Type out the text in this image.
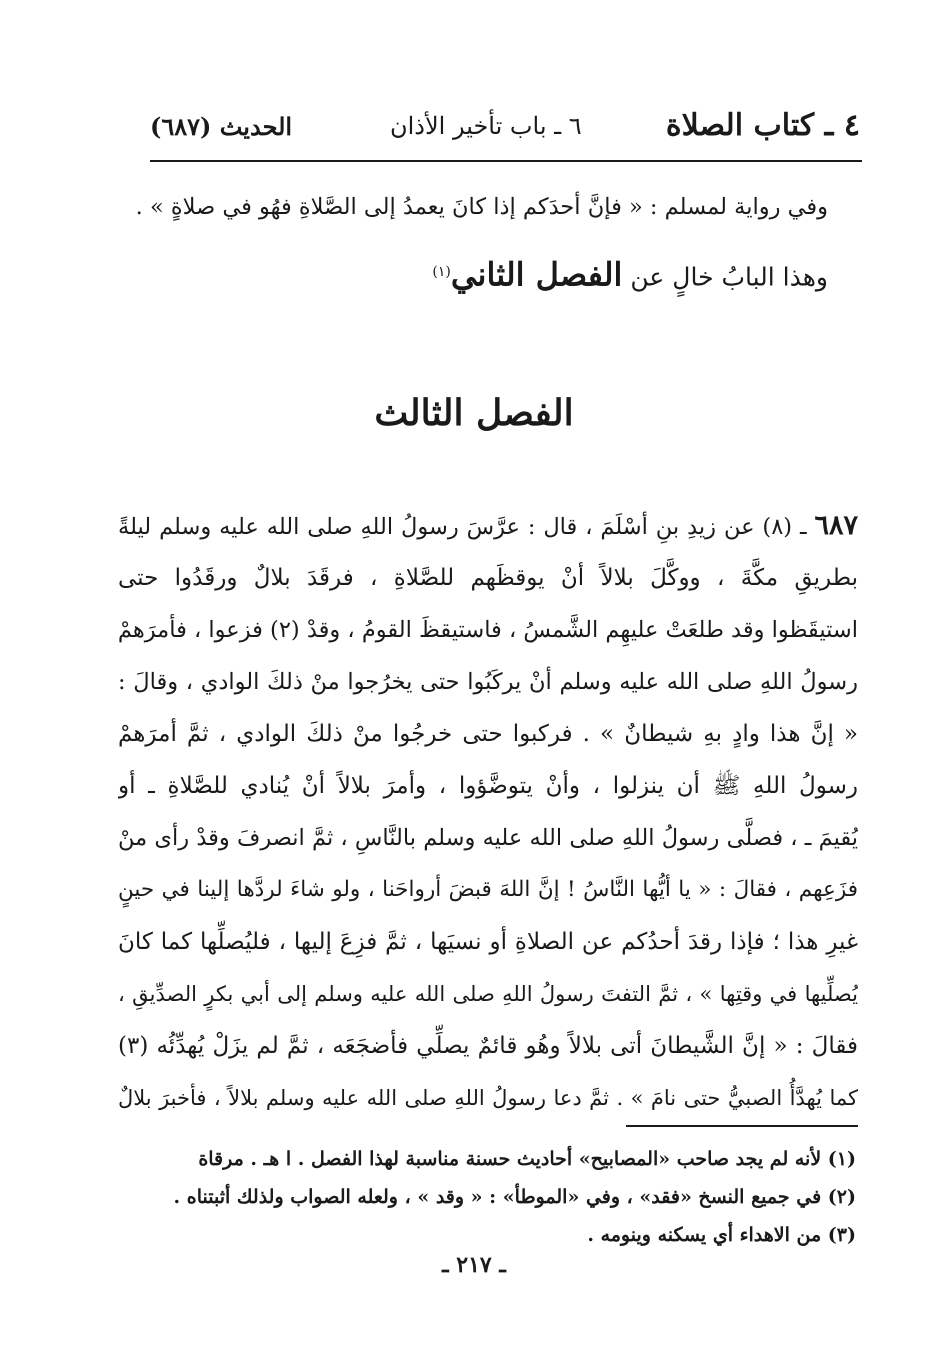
٤ ـ كتاب الصلاة
٦ ـ باب تأخير الأذان
الحديث (٦٨٧)
وفي رواية لمسلم : « فإنَّ أحدَكم إذا كانَ يعمدُ إلى الصَّلاةِ فهُو في صلاةٍ » .
وهذا البابُ خالٍ عن الفصل الثاني$^{(١)}$
الفصل الثالث
٦٨٧ ـ (٨) عن زيدِ بنِ أسْلَمَ ، قال : عرَّسَ رسولُ اللهِ صلى الله عليه وسلم ليلةً
بطريقِ مكَّةَ ، ووكَّلَ بلالاً أنْ يوقظَهم للصَّلاةِ ، فرقَدَ بلالٌ ورقَدُوا حتى
استيقَظوا وقد طلعَتْ عليهِم الشَّمسُ ، فاستيقظَ القومُ ، وقدْ (٢) فزعوا ، فأمرَهمْ
رسولُ اللهِ صلى الله عليه وسلم أنْ يركَبُوا حتى يخرُجوا منْ ذلكَ الوادي ، وقالَ :
« إنَّ هذا وادٍ بهِ شيطانٌ » . فركبوا حتى خرجُوا منْ ذلكَ الوادي ، ثمَّ أمرَهمْ
رسولُ اللهِ ﷺ أن ينزلوا ، وأنْ يتوضَّؤوا ، وأمرَ بلالاً أنْ يُنادي للصَّلاةِ ـ أو
يُقيمَ ـ ، فصلَّى رسولُ اللهِ صلى الله عليه وسلم بالنَّاسِ ، ثمَّ انصرفَ وقدْ رأى منْ
فزَعِهم ، فقالَ : « يا أيُّها النَّاسُ ! إنَّ اللهَ قبضَ أرواحَنا ، ولو شاءَ لردَّها إلينا في حينٍ
غيرِ هذا ؛ فإذا رقدَ أحدُكم عن الصلاةِ أو نسيَها ، ثمَّ فزِعَ إليها ، فليُصلِّها كما كانَ
يُصلِّيها في وقتِها » ، ثمَّ التفتَ رسولُ اللهِ صلى الله عليه وسلم إلى أبي بكرٍ الصدِّيقِ ،
فقالَ : « إنَّ الشَّيطانَ أتى بلالاً وهُو قائمٌ يصلِّي فأضجَعَه ، ثمَّ لم يزَلْ يُهدِّئُه (٣)
كما يُهدَّأُ الصبيُّ حتى نامَ » . ثمَّ دعا رسولُ اللهِ صلى الله عليه وسلم بلالاً ، فأخبرَ بلالٌ
(١) لأنه لم يجد صاحب «المصابيح» أحاديث حسنة مناسبة لهذا الفصل . ا هـ . مرقاة
(٢) في جميع النسخ «فقد» ، وفي «الموطأ» : « وقد » ، ولعله الصواب ولذلك أثبتناه .
(٣) من الاهداء أي يسكنه وينومه .
ـ ٢١٧ ـ
